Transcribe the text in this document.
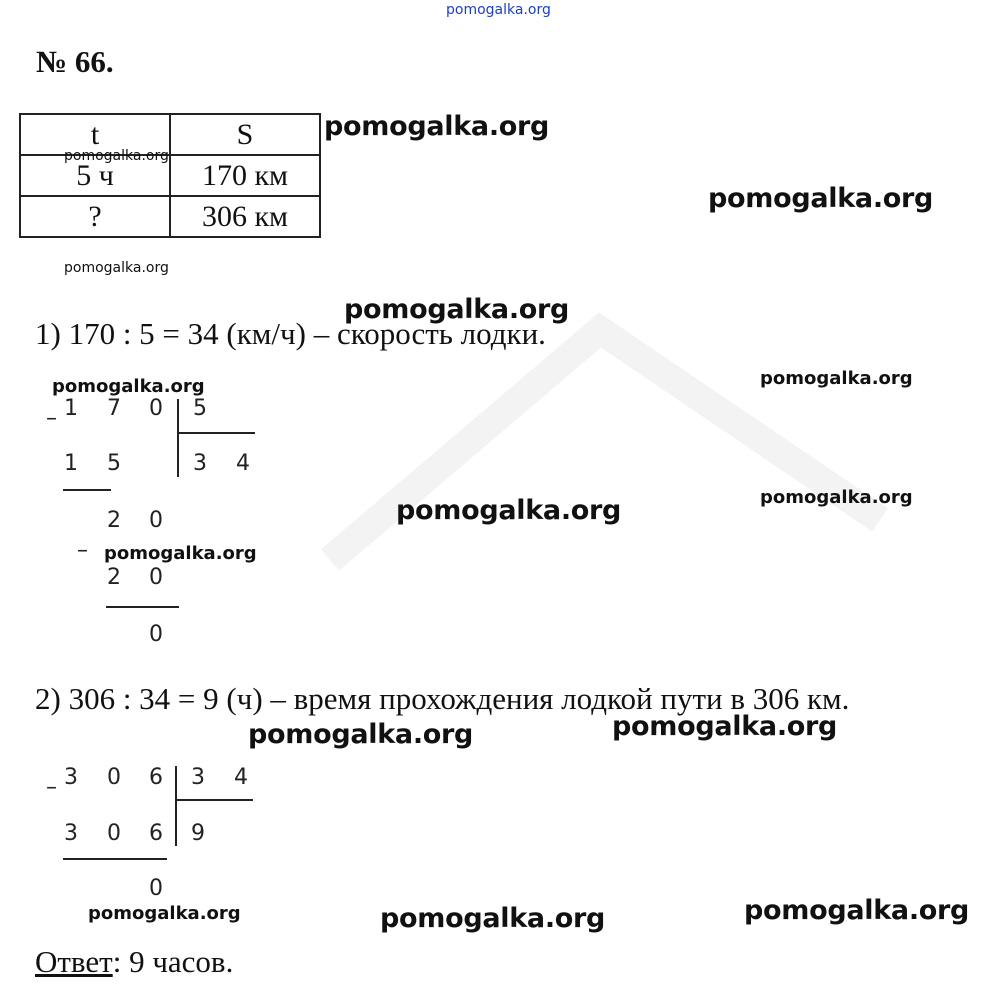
pomogalka.org
№ 66.
t	S
5 ч	170 км
?	306 км
1) 170 : 5 = 34 (км/ч) – скорость лодки.
– 1 7 0 5
3 4
1 5
2 0
–
2 0
0
2) 306 : 34 = 9 (ч) – время прохождения лодкой пути в 306 км.
– 3 0 6 3 4
9
3 0 6
0
Ответ: 9 часов.
pomogalka.org
pomogalka.org
pomogalka.org
pomogalka.org
pomogalka.org
pomogalka.org	pomogalka.org
pomogalka.org
pomogalka.org
pomogalka.org
pomogalka.org
pomogalka.org
pomogalka.org	pomogalka.org	pomogalka.org
